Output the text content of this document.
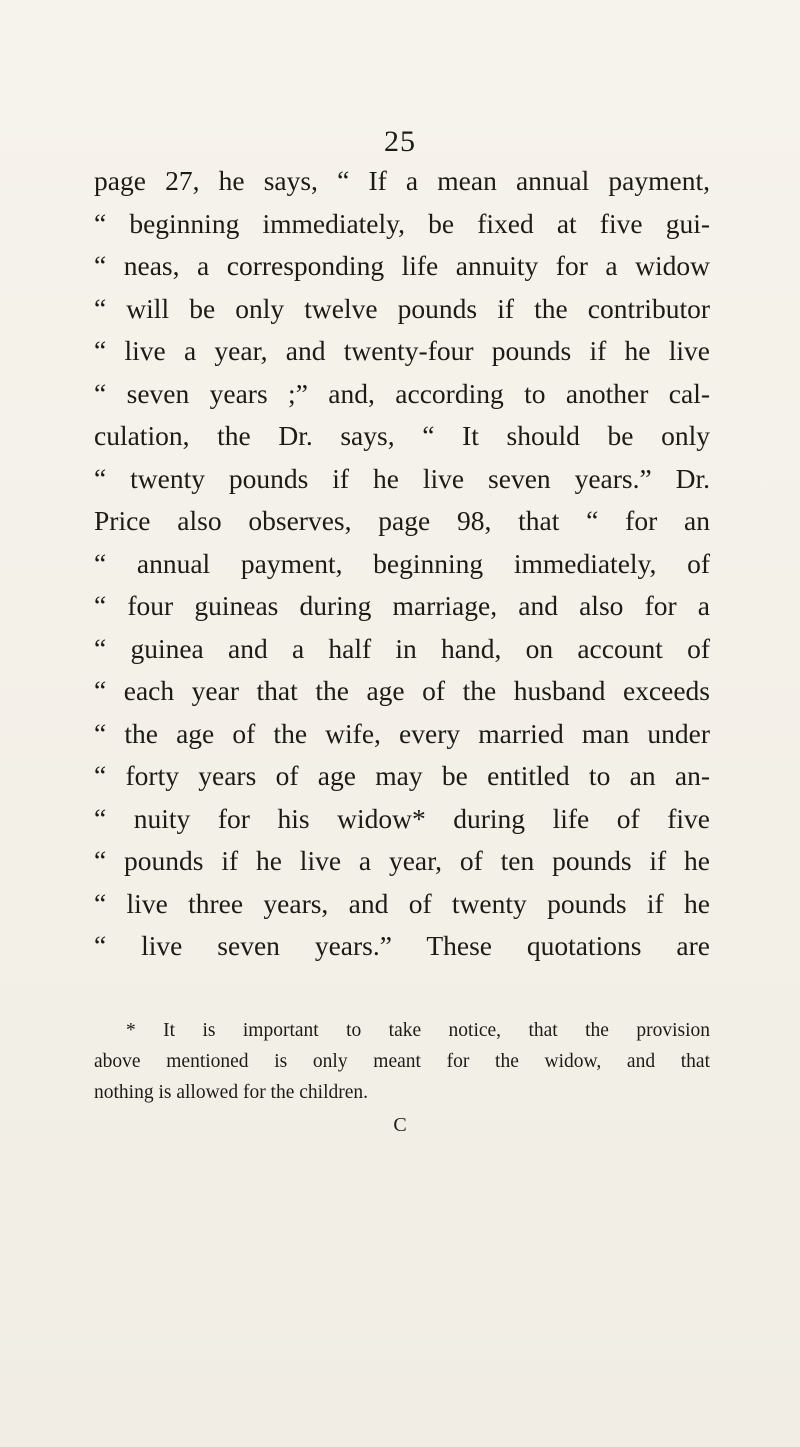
25
page 27, he says, “ If a mean annual payment,
“ beginning immediately, be fixed at five gui-
“ neas, a corresponding life annuity for a widow
“ will be only twelve pounds if the contributor
“ live a year, and twenty-four pounds if he live
“ seven years ;” and, according to another cal-
culation, the Dr. says, “ It should be only
“ twenty pounds if he live seven years.” Dr.
Price also observes, page 98, that “ for an
“ annual payment, beginning immediately, of
“ four guineas during marriage, and also for a
“ guinea and a half in hand, on account of
“ each year that the age of the husband exceeds
“ the age of the wife, every married man under
“ forty years of age may be entitled to an an-
“ nuity for his widow* during life of five
“ pounds if he live a year, of ten pounds if he
“ live three years, and of twenty pounds if he
“ live seven years.” These quotations are
* It is important to take notice, that the provision
above mentioned is only meant for the widow, and that
nothing is allowed for the children.
C
